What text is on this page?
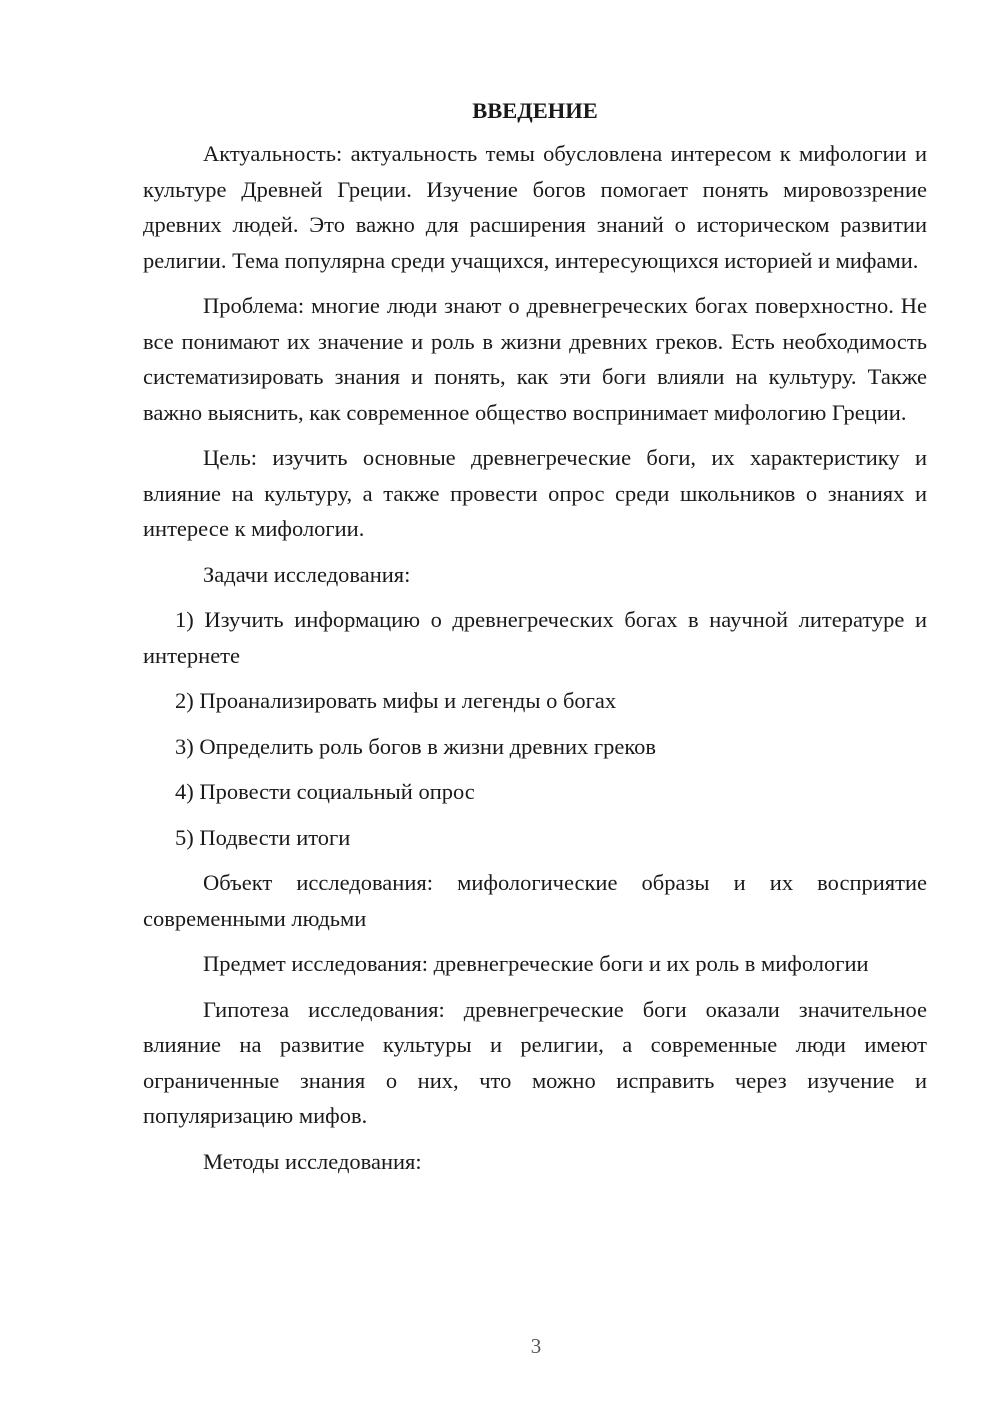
ВВЕДЕНИЕ

Актуальность: актуальность темы обусловлена интересом к мифологии и культуре Древней Греции. Изучение богов помогает понять мировоззрение древних людей. Это важно для расширения знаний о историческом развитии религии. Тема популярна среди учащихся, интересующихся историей и мифами.

Проблема: многие люди знают о древнегреческих богах поверхностно. Не все понимают их значение и роль в жизни древних греков. Есть необходимость систематизировать знания и понять, как эти боги влияли на культуру. Также важно выяснить, как современное общество воспринимает мифологию Греции.

Цель: изучить основные древнегреческие боги, их характеристику и влияние на культуру, а также провести опрос среди школьников о знаниях и интересе к мифологии.

Задачи исследования:

1) Изучить информацию о древнегреческих богах в научной литературе и интернете

2) Проанализировать мифы и легенды о богах

3) Определить роль богов в жизни древних греков

4) Провести социальный опрос

5) Подвести итоги

Объект исследования: мифологические образы и их восприятие современными людьми

Предмет исследования: древнегреческие боги и их роль в мифологии

Гипотеза исследования: древнегреческие боги оказали значительное влияние на развитие культуры и религии, а современные люди имеют ограниченные знания о них, что можно исправить через изучение и популяризацию мифов.

Методы исследования:

3
